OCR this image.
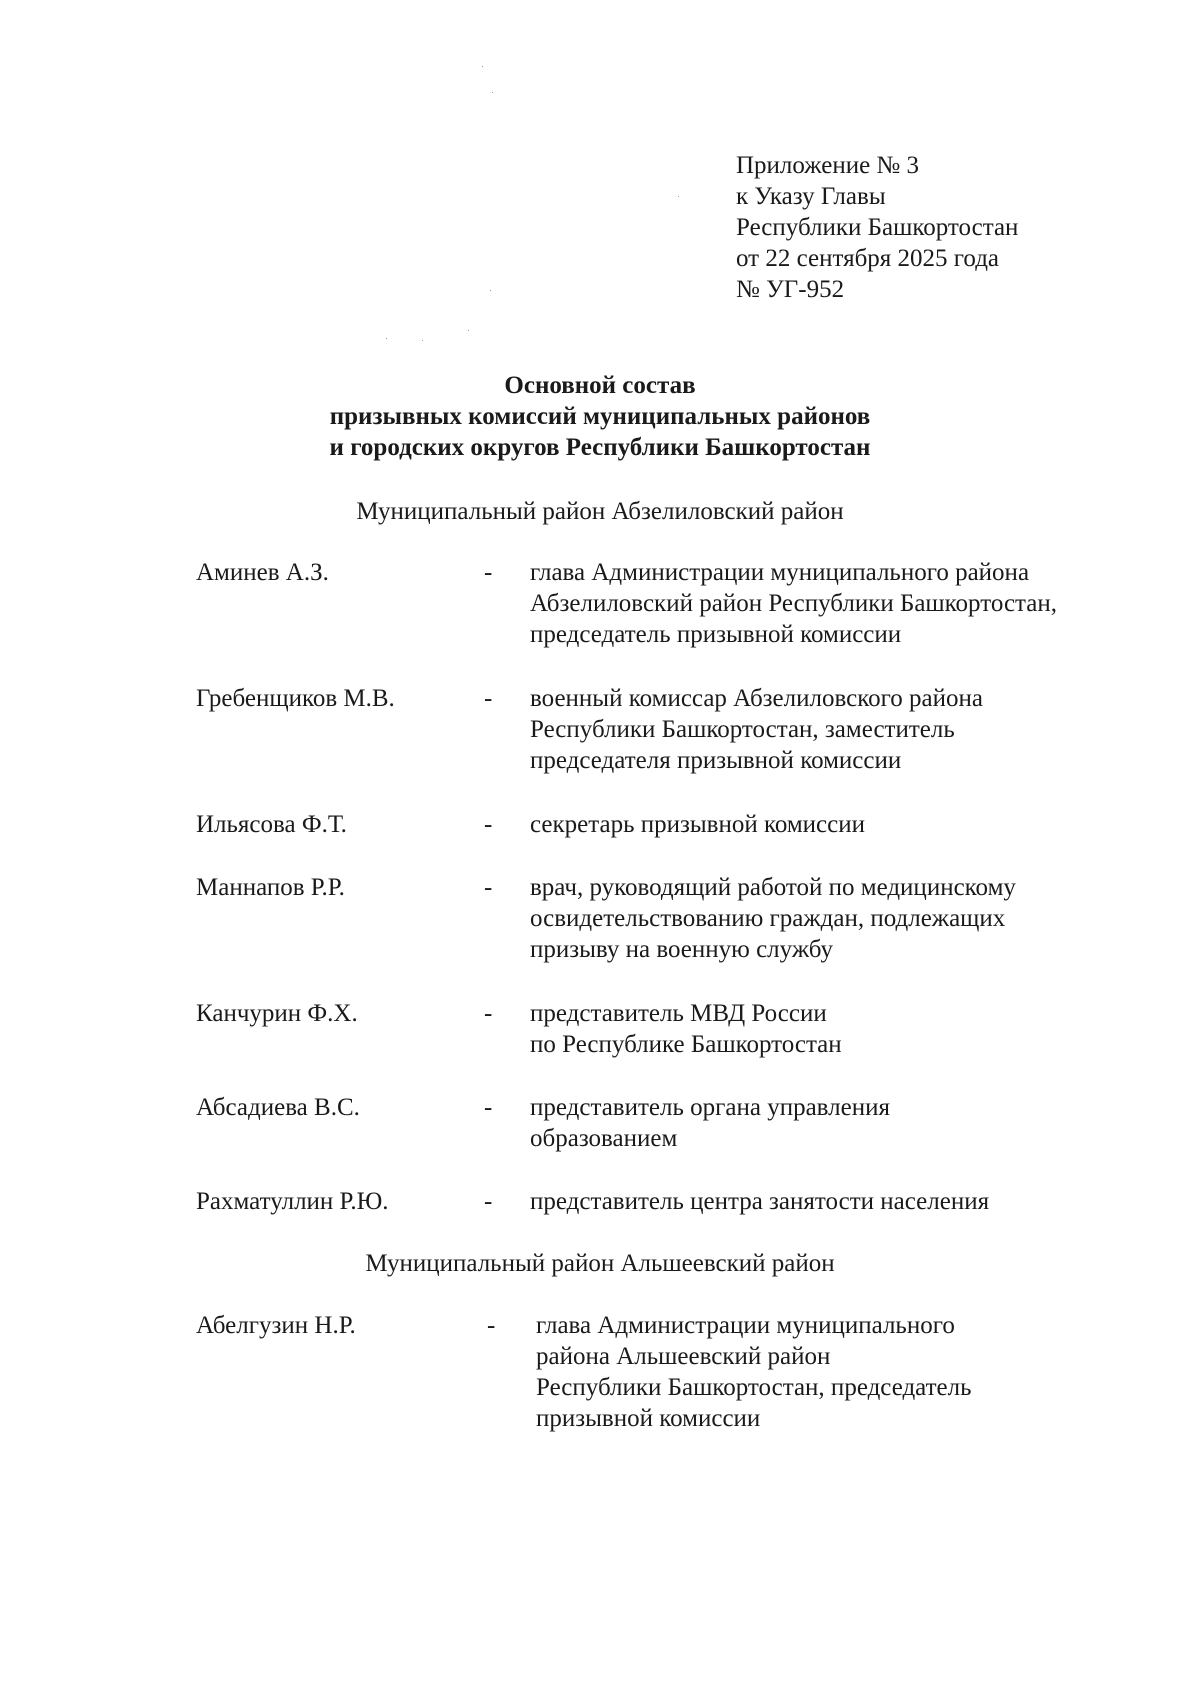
Приложение № 3
к Указу Главы
Республики Башкортостан
от 22 сентября 2025 года
№ УГ-952
Основной состав
призывных комиссий муниципальных районов
и городских округов Республики Башкортостан
Муниципальный район Абзелиловский район
Аминев А.З.	- глава Администрации муниципального района
Абзелиловский район Республики Башкортостан,
председатель призывной комиссии
Гребенщиков М.В.	- военный комиссар Абзелиловского района
Республики Башкортостан, заместитель
председателя призывной комиссии
Ильясова Ф.Т.	- секретарь призывной комиссии
Маннапов Р.Р.	- врач, руководящий работой по медицинскому
освидетельствованию граждан, подлежащих
призыву на военную службу
Канчурин Ф.Х.	- представитель МВД России
по Республике Башкортостан
Абсадиева В.С.	- представитель органа управления
образованием
Рахматуллин Р.Ю.	- представитель центра занятости населения
Муниципальный район Альшеевский район
Абелгузин Н.Р.	- глава Администрации муниципального
района Альшеевский район
Республики Башкортостан, председатель
призывной комиссии
